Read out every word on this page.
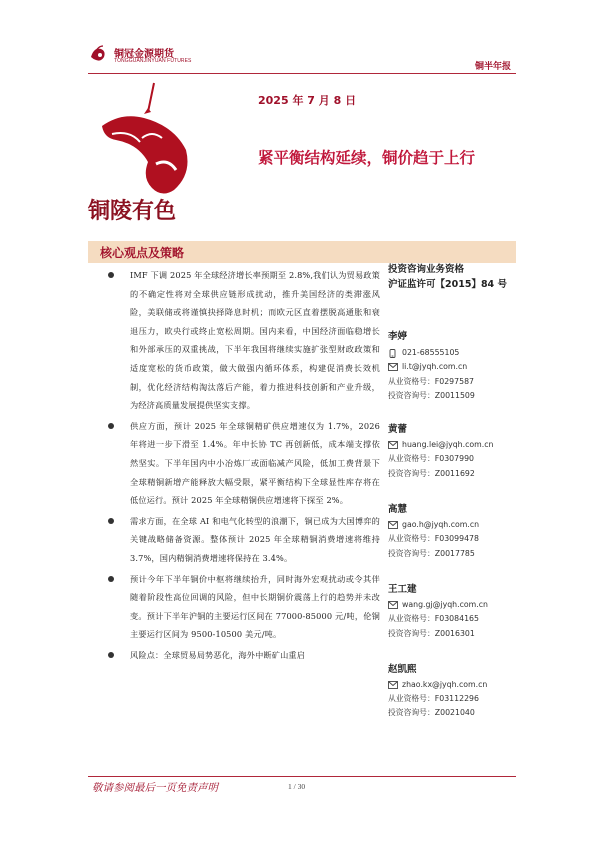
铜冠金源期货
TONGGUANJINYUAN FUTURES
铜半年报
铜陵有色
2025 年 7 月 8 日
紧平衡结构延续，铜价趋于上行
核心观点及策略
IMF 下调 2025 年全球经济增长率预期至 2.8%,我们认为贸易政策的不确定性将对全球供应链形成扰动，推升美国经济的类滞涨风险，美联储或将谨慎抉择降息时机；而欧元区直着摆脱高通胀和衰退压力，欧央行或终止宽松周期。国内来看，中国经济面临稳增长和外部承压的双重挑战，下半年我国将继续实施扩张型财政政策和适度宽松的货币政策，做大做强内循环体系，构建促消费长效机制，优化经济结构淘汰落后产能，着力推进科技创新和产业升级，为经济高质量发展提供坚实支撑。
供应方面，预计 2025 年全球铜精矿供应增速仅为 1.7%，2026 年将进一步下滑至 1.4%。年中长协 TC 再创新低，成本端支撑依然坚实。下半年国内中小冶炼厂或面临减产风险，低加工费背景下全球精铜新增产能释放大幅受限，紧平衡结构下全球显性库存将在低位运行。预计 2025 年全球精铜供应增速将下探至 2%。
需求方面，在全球 AI 和电气化转型的浪潮下，铜已成为大国博弈的关键战略储备资源。整体预计 2025 年全球精铜消费增速将维持 3.7%，国内精铜消费增速将保持在 3.4%。
预计今年下半年铜价中枢将继续抬升，同时海外宏观扰动或令其伴随着阶段性高位回调的风险，但中长期铜价震荡上行的趋势并未改变。预计下半年沪铜的主要运行区间在 77000-85000 元/吨，伦铜主要运行区间为 9500-10500 美元/吨。
风险点：全球贸易局势恶化，海外中断矿山重启
投资咨询业务资格
沪证监许可【2015】84 号
李婷
021-68555105
li.t@jyqh.com.cn
从业资格号：F0297587
投资咨询号：Z0011509
黄蕾
huang.lei@jyqh.com.cn
从业资格号：F0307990
投资咨询号：Z0011692
高慧
gao.h@jyqh.com.cn
从业资格号：F03099478
投资咨询号：Z0017785
王工建
wang.gj@jyqh.com.cn
从业资格号：F03084165
投资咨询号：Z0016301
赵凯熙
zhao.kx@jyqh.com.cn
从业资格号：F03112296
投资咨询号：Z0021040
敬请参阅最后一页免责声明	1 / 30
